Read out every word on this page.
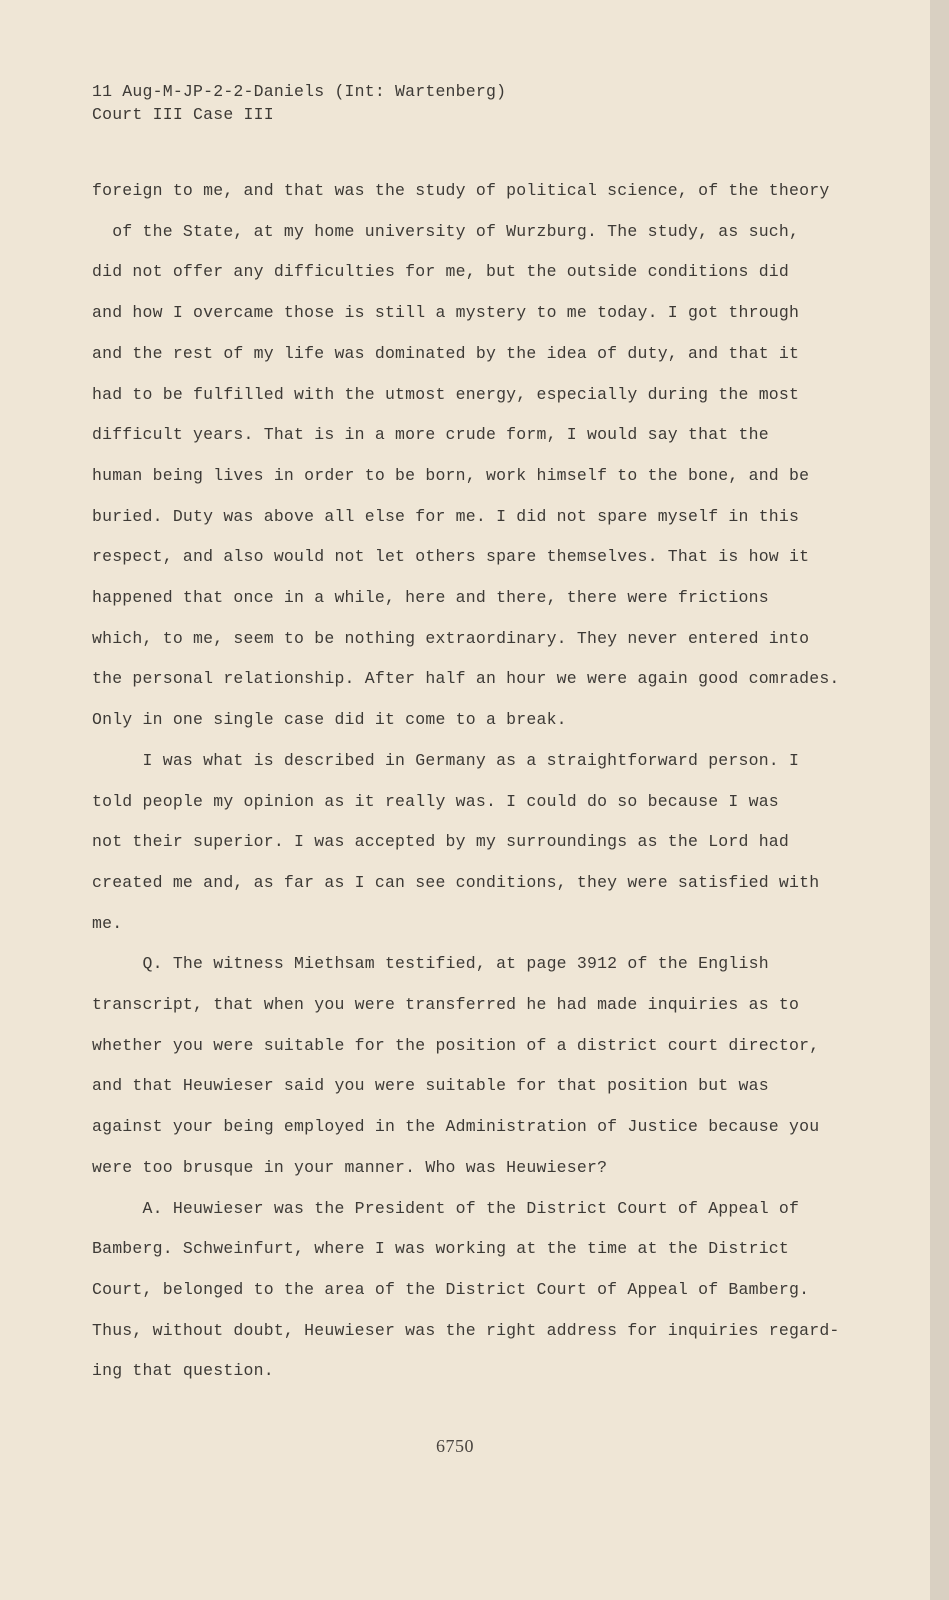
11 Aug-M-JP-2-2-Daniels (Int: Wartenberg)
Court III Case III
foreign to me, and that was the study of political science, of the theory
of the State, at my home university of Wurzburg. The study, as such,
did not offer any difficulties for me, but the outside conditions did
and how I overcame those is still a mystery to me today. I got through
and the rest of my life was dominated by the idea of duty, and that it
had to be fulfilled with the utmost energy, especially during the most
difficult years. That is in a more crude form, I would say that the
human being lives in order to be born, work himself to the bone, and be
buried. Duty was above all else for me. I did not spare myself in this
respect, and also would not let others spare themselves. That is how it
happened that once in a while, here and there, there were frictions
which, to me, seem to be nothing extraordinary. They never entered into
the personal relationship. After half an hour we were again good comrades.
Only in one single case did it come to a break.
I was what is described in Germany as a straightforward person. I
told people my opinion as it really was. I could do so because I was
not their superior. I was accepted by my surroundings as the Lord had
created me and, as far as I can see conditions, they were satisfied with
me.
Q. The witness Miethsam testified, at page 3912 of the English
transcript, that when you were transferred he had made inquiries as to
whether you were suitable for the position of a district court director,
and that Heuwieser said you were suitable for that position but was
against your being employed in the Administration of Justice because you
were too brusque in your manner. Who was Heuwieser?
A. Heuwieser was the President of the District Court of Appeal of
Bamberg. Schweinfurt, where I was working at the time at the District
Court, belonged to the area of the District Court of Appeal of Bamberg.
Thus, without doubt, Heuwieser was the right address for inquiries regard-
ing that question.
6750
